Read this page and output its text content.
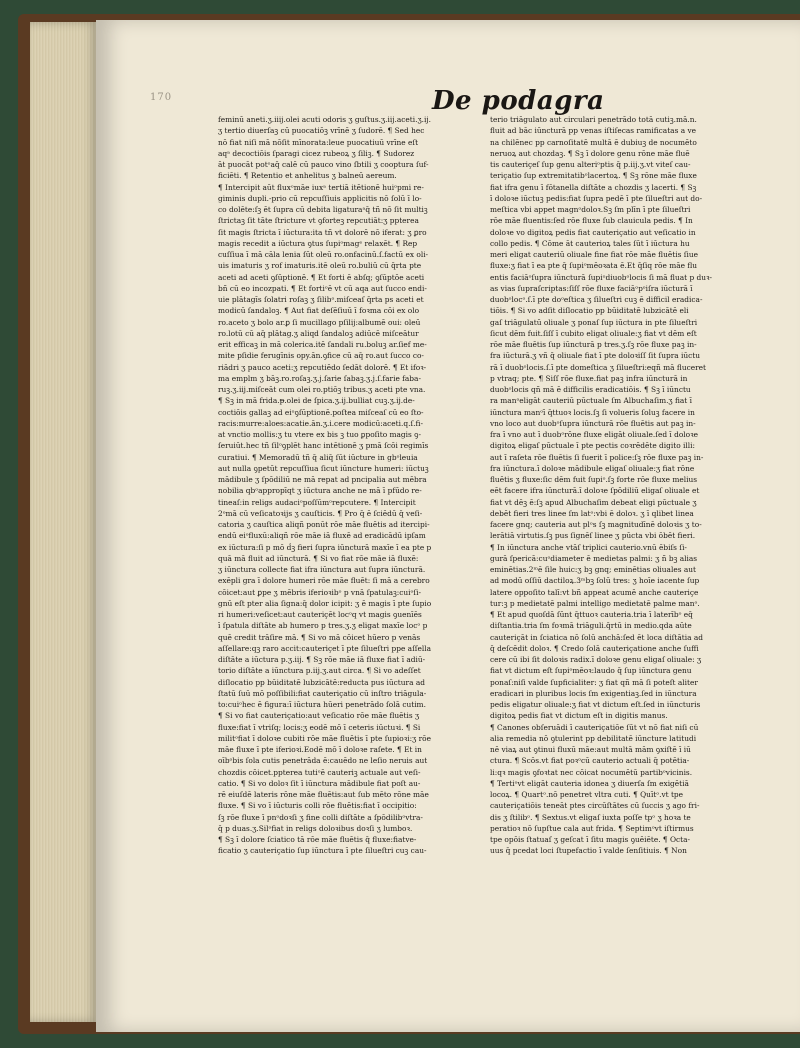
170	De podagra

feminū aneti.ʒ.iiij.olei acuti odoris ʒ guſtus.ʒ.iij.aceti.ʒ.ij.

ʒ tertio diuerſaꝫ cū puocatiōꝫ vrīnē ʒ ſudorē. ¶ Sed hec

nō fiat niſi mā nōſit mīnorata:leue puocatiuū vrīne eſt

aqᵃ decoctiōis ſparagi cicez rubeoꝝ ʒ ſiliꝫ. ¶ Sudorez

āt puocāt potᵒaq̄ calē cū pauco vino ſbtili ʒ cooptura ſuf-

ficiēti. ¶ Retentio et anhelitus ʒ balneū aereum.

¶ Intercipit aūt fluxᵒmāe iuxᵃ tertiā itētionē huiᵒpmi re-

giminis dupli.-prio cū repcuſſiuis applicitis nō ſolū ī lo-

co dolēte:ſꝫ ēt ſupra cū debita ligaturaᵃq̄ tñ nō ſit multiꝫ

ſtrictaꝫ ſit tāte ſtricture vt ꝯforteꝫ repcutiāt:ʒ ppterea

ſit magis ſtricta ī iūctura:ita tñ vt dolorē nō iferat: ʒ ꝑro

magis recedit a iūctura ꝯtus ſupiᵒmagᵉ relaxēt. ¶ Rep

cuſſiua ī mā cāla lenia ſūt oleū ro.onfacinū.ſ.factū ex oli-

uis imaturis ʒ rof imaturis.itē oleū ro.buliū cū q̄rta pte

aceti ad aceti ꝯſūptionē. ¶ Et forti ē abſq; ꝯſūptōe aceti

bñ cū eo incozpati. ¶ Et fortiᵒē vt cū aqa aut ſucco endi-

uie plātagīs ſolatri roſaꝫ ʒ ſilibᵒ.miſceaſ q̄rta ps aceti et

modicū ſandaloꝫ. ¶ Aut fiat deſēſiuū ī foꝛma cōi ex olo

ro.aceto ʒ bolo ar.ꝑ ſi mucillago pſilij:albumē oui: oleū

ro.lotū cū aq̄ plātag.ʒ aliqd ſandaloꝫ adiūcē miſceātur

erit efficaꝫ in mā colerica.itē ſandali ru.boluꝫ ar.ſief me-

mite pſidie ferugīnis opy.ān.ꝯfice cū aq̄ ro.aut ſucco co-

riādri ʒ pauco aceti:ʒ repcutiēdo ſedāt dolorē. ¶ Et ifoꝛ-

ma emplm ʒ bāꝫ.ro.roſaꝫ.ʒ.j.ſarie ſabaꝫ.ʒ.j.ſ.farie faba-

ruꝫ.ʒ.iij.miſceāt cum olei ro.ptiōꝫ tribus.ʒ aceti pte vna.

¶ Sꝫ in mā frida.ᵽ.olei de ſpica.ʒ.ij.bulliat cuꝫ.ʒ.ij.de-

coctiōis gallaꝫ ad eiᵒꝯſūptionē.poſtea miſceaſ cū eo ſto-

racis:murre:aloes:acatie.ān.ʒ.i.cere modicū:aceti.q.ſ.fi-

at vnctio mollis:ʒ tu vtere ex bis ꝫ tuo ꝑpoſito magis ꝯ-

ſeruiūt.hec tñ ſilᵒꝯplēt hanc intētionē ʒ pmā ſcōi regimīs

curatiui. ¶ Memoradū tñ q̄ aliq̄ ſūt iūcture in gbᵒleuia

aut nulla ꝯpetūt repcuſſiua ſicut iūncture humeri: iūctuꝫ

mādibule ʒ ſpōdiliū ne mā repat ad pncipalia aut mēbra

nobilia qbᵒappropīqt ʒ iūctura anche ne mā ī pfūdo re-

tineaſ:in religs audaciᵒpoſſūmᵒrepcutere. ¶ Intercipit

2ᵒmā cū veſicatoꝛijs ʒ cauſticis. ¶ Pro q̄ ē ſciēdū q̄ veſi-

catoria ʒ cauſtica aliqñ ponūt rōe māe fluētis ad itercipi-

endū eiᵒfluxū:aliqñ rōe māe iā fluxē ad eradicādū ipſam

ex iūctura:ſi p mō ḋꝫ fieri ſupra iūncturā maxīe ī ea pte p

quā mā fluit ad iūncturā. ¶ Si vo fiat rōe māe iā fluxē:

ʒ iūnctura collecte fiat ifra iūnctura aut ſupra iūncturā.

exēpli gra ī dolore humeri rōe māe fluēt: ſi mā a cerebro

cōicet:aut ꝑpe ʒ mēbris iferioꝛibᵒ p vnā ſpatulaꝫ:cuiᵒſi-

gnū eſt pter alia ſigna:q̄ dolor icipit: ʒ ē magis ī pte ſupio

ri humeri:veſicet:aut cauteriçēt locᵒq vt magis ꝯuenīēs

ī ſpatula diſtāte ab humero p tres.ʒ.ʒ eligat maxīe locᵒ p

quē credit trāſire mā. ¶ Si vo mā cōicet hūero p venās

aſſellare:qꝫ raro accit:cauteriçet ī pte ſilueſtri ppe aſſella

diſtāte a iūctura p.ʒ.iij. ¶ Sꝫ rōe māe iā fluxe fiat ī adiū-

torio diſtāte a iūnctura p.iij.ʒ.aut circa. ¶ Si vo adeſſet

diſlocatio pp būiditatē lubzicātē:reducta pus iūctura ad

ſtatū ſuū mō poſſibili:fiat cauteriçatio cū inſtro triāgula-

to:cuiᵒhec ē figura:ī iūctura hūeri penetrādo ſolā cutim.

¶ Si vo fiat cauteriçatio:aut veſicatio rōe māe fluētis ʒ

fluxe:fiat ī vtriſq; locis:ʒ eodē mō ī ceteris iūctuꝛi. ¶ Si

militᵒfiat ī doloꝛe cubiti rōe māe fluētis ī pte ſupioꝛi:ʒ rōe

māe fluxe ī pte iferioꝛi.Eodē mō ī doloꝛe raſete. ¶ Et in

oībᵒbis ſola cutis penetrāda ē:cauēdo ne leſio neruis aut

chozdis cōicet.ppterea tutiᵒē cauteriꝫ actuale aut veſi-

catio. ¶ Si vo doloꝛ ſit ī iūnctura mādibule fiat poſt au-

rē eiuſdē lateris rōne māe fluētis:aut ſub mēto rōne māe

fluxe. ¶ Si vo ī iūcturis colli rōe fluētis:fiat ī occipitio:

ſꝫ rōe fluxe ī pnᵒdoꝛſi ʒ fine colli diſtāte a ſpōdilibᵒvtra-

q̄ p duas.ʒ.Silᵒfiat in religs doloꝛibus doꝛſi ʒ lumboꝛ.

¶ Sꝫ ī dolore ſciatico tā rōe māe fluētis q̄ fluxe:fiatve-

ficatio ʒ cauteriçatio ſup iūnctura ī pte ſilueſtri cuꝫ cau-

terio triāgulato aut circulari penetrādo totā cutiꝫ.mā.n.

fluit ad bāc iūncturā pp venas iſtiſecas ramificatas a ve

na chilēnec pp carnoſitatē multā ē dubiuꝫ de nocumēto

neruoꝝ aut chozdaꝫ. ¶ Sꝫ ī dolore genu rōne māe fluē

tis cauteriçeſ ſup genu alteriᵒptis q̄ p.iij.ʒ.vt viteſ cau-

teriçatio ſup extremitatibᵒlacertoꝝ. ¶ Sꝫ rōne māe fluxe

fiat ifra genu ī fōtanella diſtāte a chozdis ʒ lacerti. ¶ Sꝫ

ī doloꝛe iūctuꝫ pedis:fiat ſupra pedē ī pte ſilueſtri aut do-

meſtica vbi appet magnᵒdoloꝛ.Sꝫ ſm plīn ī pte ſilueſtri

rōe māe fluentis:ſed rōe fluxe ſub clauicula pedis. ¶ In

doloꝛe vo digitoꝝ pedis fiat cauteriçatio aut veſicatio in

collo pedis. ¶ Cōme āt cauterioꝝ tales ſūt ī iūctura hu

meri eligat cauteriū oliuale fine fiat rōe māe fluētis ſiue

fluxe:ʒ fiat ī ea pte q̄ ſupiᵒmēoꝛata ē.Et q̄ſiq rōe māe flu

entis faciāᵒſupra iūncturā ſupiᵒdiuobᵒlocis ſi mā fluat p duꝛ-

as vias ſupraſcriptas:ſiſſ rōe fluxe faciāᵒpᵒiſra iūcturā ī

duobᵒlocᵒ.ſ.ī pte doᵒeſtica ʒ ſilueſtri cuꝫ ē difficil eradica-

tiōis. ¶ Si vo adſit diſlocatio pp būiditatē lubzicātē eli

gaſ triāgulatū oliuale ʒ ponaſ ſup iūctura in pte ſilueſtri

ſicut dēm fuit.ſiſſ ī cubito eligat oliuale:ʒ fiat vt dēm eſt

rōe māe fluētis ſup iūncturā p tres.ʒ.ſꝫ rōe fluxe paꝫ in-

fra iūcturā.ʒ vñ q̄ oliuale fiat ī pte doloꝛiſſ ſit ſupra iūctu

rā ī duobᵒlocis.ſ.ī pte domeſtica ʒ ſilueſtri:eqñ mā fluceret

p vtraq; pte. ¶ Siſſ rōe fluxe.fiat paꝫ infra iūncturā in

duobᵒlocis qñ mā ē difficilis eradicatiōis. ¶ Sꝫ ī iūnctu

ra manᵒeligāt cauteriū pūctuale ſm Albuchaſim.ʒ fiat ī

iūnctura manᵒī q̄ttuoꝛ locis.ſꝫ ſi volueris ſoluꝫ facere in

vno loco aut duobᵒſupra iūncturā rōe fluētis aut paꝫ in-

fra ī vno aut ī duobᵒrōne fluxe eligāt oliuale.ſed ī doloꝛe

digitoꝝ eligaſ pūctuale ī pte pectis coꝛrēdēte digito illi:

aut ī raſeta rōe fluētis ſi fuerit ī police:ſꝫ rōe fluxe paꝫ in-

fra iūnctura.ī doloꝛe mādibule eligaſ oliuale:ʒ fiat rōne

fluētis ʒ fluxe:ſic dēm fuit ſupiᵒ.ſꝫ forte rōe fluxe melius

eēt facere ifra iūncturā.ī doloꝛe ſpōdiliū eligaſ oliuale et

fiat vt dēꝫ ē:ſꝫ apud Albuchaſim debeat eligi pūctuale ʒ

debēt fieri tres linee ſm latᵒ:vbi ē doloꝛ. ʒ ī qlibet linea

facere gnq; cauteria aut plᵒs ſꝫ magnitudīnē doloꝛis ʒ to-

lerātiā virtutis.ſꝫ pus ſignēſ linee ʒ pūcta vbi ōbēt fieri.

¶ In iūnctura anche vtāſ triplici cauterio.vnū ēbiſs ſi-

gurā ſpericā:cuᵒdiameter ē medietas palmi: ʒ ñ bꝫ alias

eminētias.2ᵐē ſile huic:ʒ bꝫ gnq; eminētias oliuales aut

ad modū oſſiū dactiloꝝ.3ᵐbꝫ ſolū tres: ʒ hoīe iacente ſup

latere oppoſito talī:vt bñ appeat acumē anche cauteriçe

tur:ꝫ p medietatē palmi intelligo medietatē palme manᵒ.

¶ Et apud quoſdā ſūnt q̄ttuoꝛ cauteria.tria ī laterībᵒ eq̄

diſtantia.tria ſm foꝛmā triāguli.q̄rtū in medio.qda aūte

cauteriçāt in ſciatica nō ſolū anchā:ſed ēt loca diſtātia ad

q̄ deſcēdit doloꝛ. ¶ Credo ſolā cauteriçatione anche ſuffi

cere cū ibi ſit doloꝛis radix.ī doloꝛe genu eligaſ oliuale: ʒ

fiat vt dictum eſt ſupiᵒmēoꝛ:laudo q̄ ſup iūnctura genu

ponaſ:niſi valde ſupficialiter: ʒ fiat qñ mā ſi poteſt aliter

eradicari in pluribus locis ſm exigentiaꝫ.ſed in iūnctura

pedis eligatur oliuale:ʒ fiat vt dictum eſt.ſed in iūncturis

digitoꝝ pedis fiat vt dictum eſt in digitis manus.

¶ Canones obſeruādi ī cauteriçatiōe ſūt vt nō fiat niſi cū

alia remedia nō ꝯtulerint pp debilitatē iūncture latitudi

nē viaꝝ aut ꝯtinui fluxū māe:aut multā mām ꝯxiſtē ī iū

ctura. ¶ Scōs.vt fiat poꝛᵒcū cauterio actuali q̄ potētia-

li:qꝛ magis ꝯfoꝛtat nec cōicat nocumētū partibᵒvicinis.

¶ Tertiᵒvt eligāt cauteria idonea ʒ diuerſa ſm exigētiā

locoꝝ. ¶ Quartᵒ.nō penetret vltra cuti. ¶ Quītᵒ.vt tpe

cauteriçatiōis teneāt ptes circūſtātes cū ſuccis ʒ ago fri-

dis ʒ ſtilibᵒ. ¶ Sextus.vt eligaſ iuxta poſſe tpᵒ ʒ hoꝛa te

peratioꝛ nō ſupſtue cala aut frida. ¶ Septimᵒvt iſtirmus

tpe opōis ſtatuaſ ʒ geſcat ī ſitu magis ꝯuēiēte. ¶ Octa-

uus q̄ pcedat loci ſtupefactio ī valde ſenſitiuis. ¶ Non
